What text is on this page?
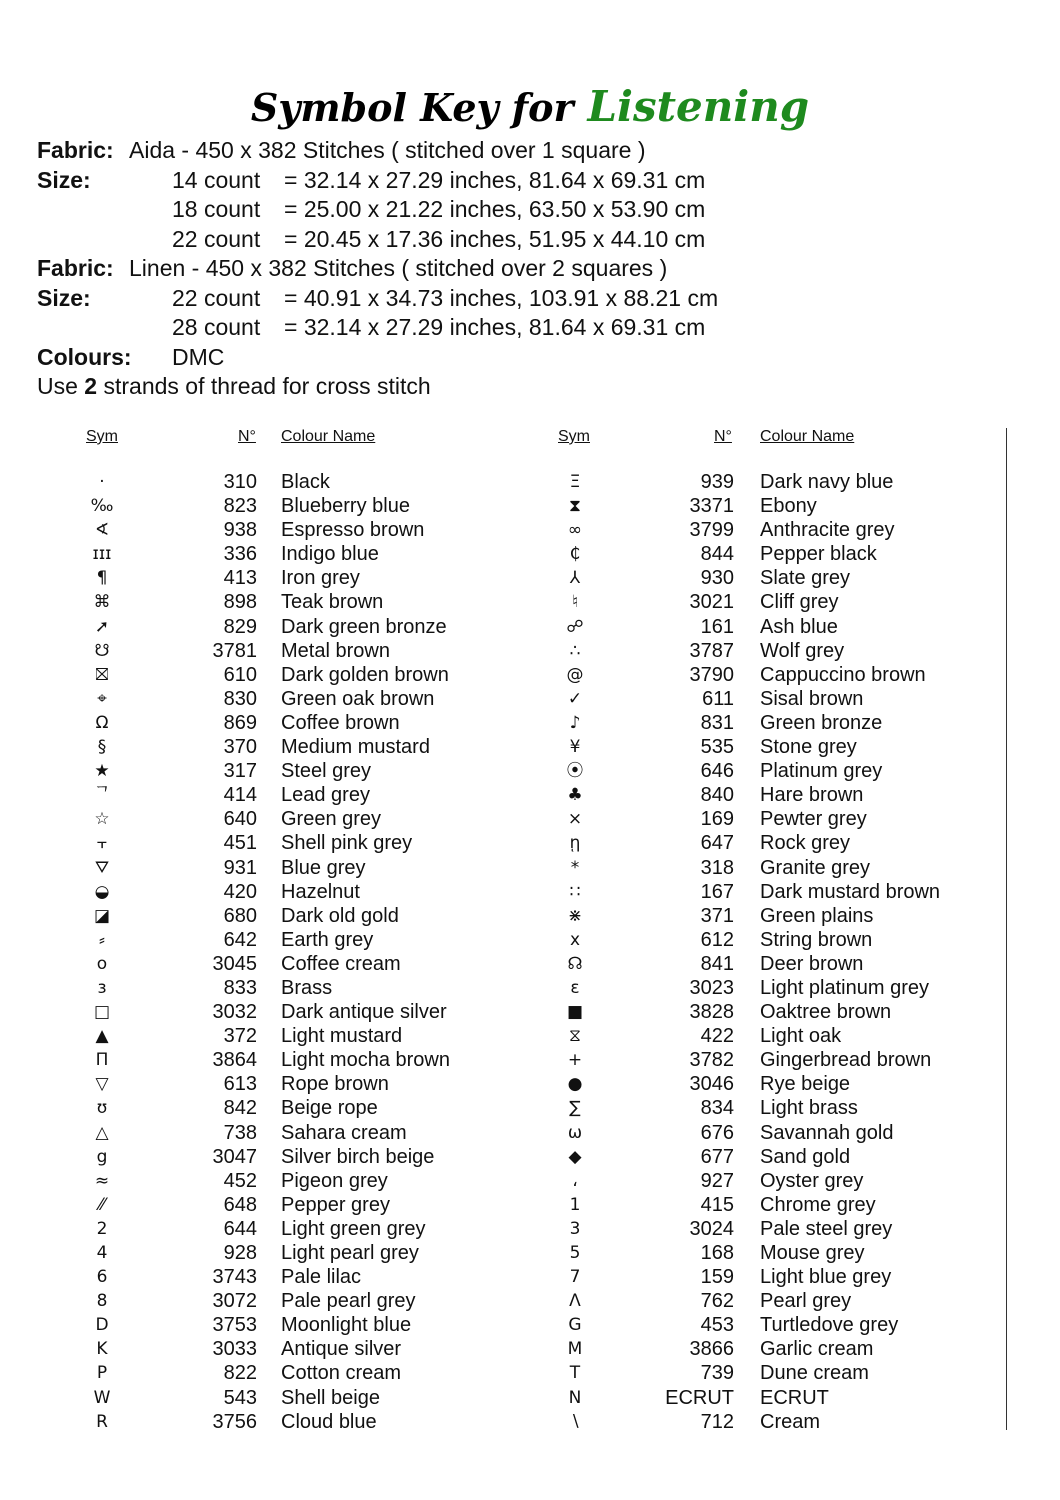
Symbol Key for Listening
Fabric: Aida - 450 x 382 Stitches ( stitched over 1 square )
Size:	14 count = 32.14 x 27.29 inches, 81.64 x 69.31 cm
18 count = 25.00 x 21.22 inches, 63.50 x 53.90 cm
22 count = 20.45 x 17.36 inches, 51.95 x 44.10 cm
Fabric: Linen - 450 x 382 Stitches ( stitched over 2 squares )
Size:	22 count = 40.91 x 34.73 inches, 103.91 x 88.21 cm
28 count = 32.14 x 27.29 inches, 81.64 x 69.31 cm
Colours: DMC
Use 2 strands of thread for cross stitch
Sym	N° Colour Name
·	310 Black
‰	823 Blueberry blue
∢	938 Espresso brown
ɪɪɪ	336 Indigo blue
¶	413 Iron grey
⌘	898 Teak brown
➚	829 Dark green bronze
☋	3781 Metal brown
⛝	610 Dark golden brown
⌖	830 Green oak brown
Ω	869 Coffee brown
§	370 Medium mustard
★	317 Steel grey
ᄀ	414 Lead grey
☆	640 Green grey
⫟	451 Shell pink grey
⛛	931 Blue grey
◒	420 Hazelnut
◪	680 Dark old gold
⸗	642 Earth grey
o	3045 Coffee cream
ɜ	833 Brass
□	3032 Dark antique silver
▲	372 Light mustard
Π	3864 Light mocha brown
▽	613 Rope brown
ʊ	842 Beige rope
△	738 Sahara cream
g	3047 Silver birch beige
≈	452 Pigeon grey
⁄⁄	648 Pepper grey
2	644 Light green grey
4	928 Light pearl grey
6	3743 Pale lilac
8	3072 Pale pearl grey
D	3753 Moonlight blue
K	3033 Antique silver
P	822 Cotton cream
W	543 Shell beige
R	3756 Cloud blue
Sym	N° Colour Name
Ξ	939 Dark navy blue
⧗	3371 Ebony
∞	3799 Anthracite grey
₵	844 Pepper black
⅄	930 Slate grey
♮	3021 Cliff grey
☍	161 Ash blue
∴	3787 Wolf grey
@	3790 Cappuccino brown
✓	611 Sisal brown
♪	831 Green bronze
¥	535 Stone grey
⦿	646 Platinum grey
♣	840 Hare brown
⨯	169 Pewter grey
ῃ	647 Rock grey
*	318 Granite grey
∷	167 Dark mustard brown
⋇	371 Green plains
x	612 String brown
☊	841 Deer brown
ɛ	3023 Light platinum grey
■	3828 Oaktree brown
⧖	422 Light oak
+	3782 Gingerbread brown
●	3046 Rye beige
∑	834 Light brass
ω	676 Savannah gold
◆	677 Sand gold
،	927 Oyster grey
1	415 Chrome grey
3	3024 Pale steel grey
5	168 Mouse grey
7	159 Light blue grey
Λ	762 Pearl grey
G	453 Turtledove grey
M	3866 Garlic cream
T	739 Dune cream
N	ECRUT ECRUT
∖	712 Cream
